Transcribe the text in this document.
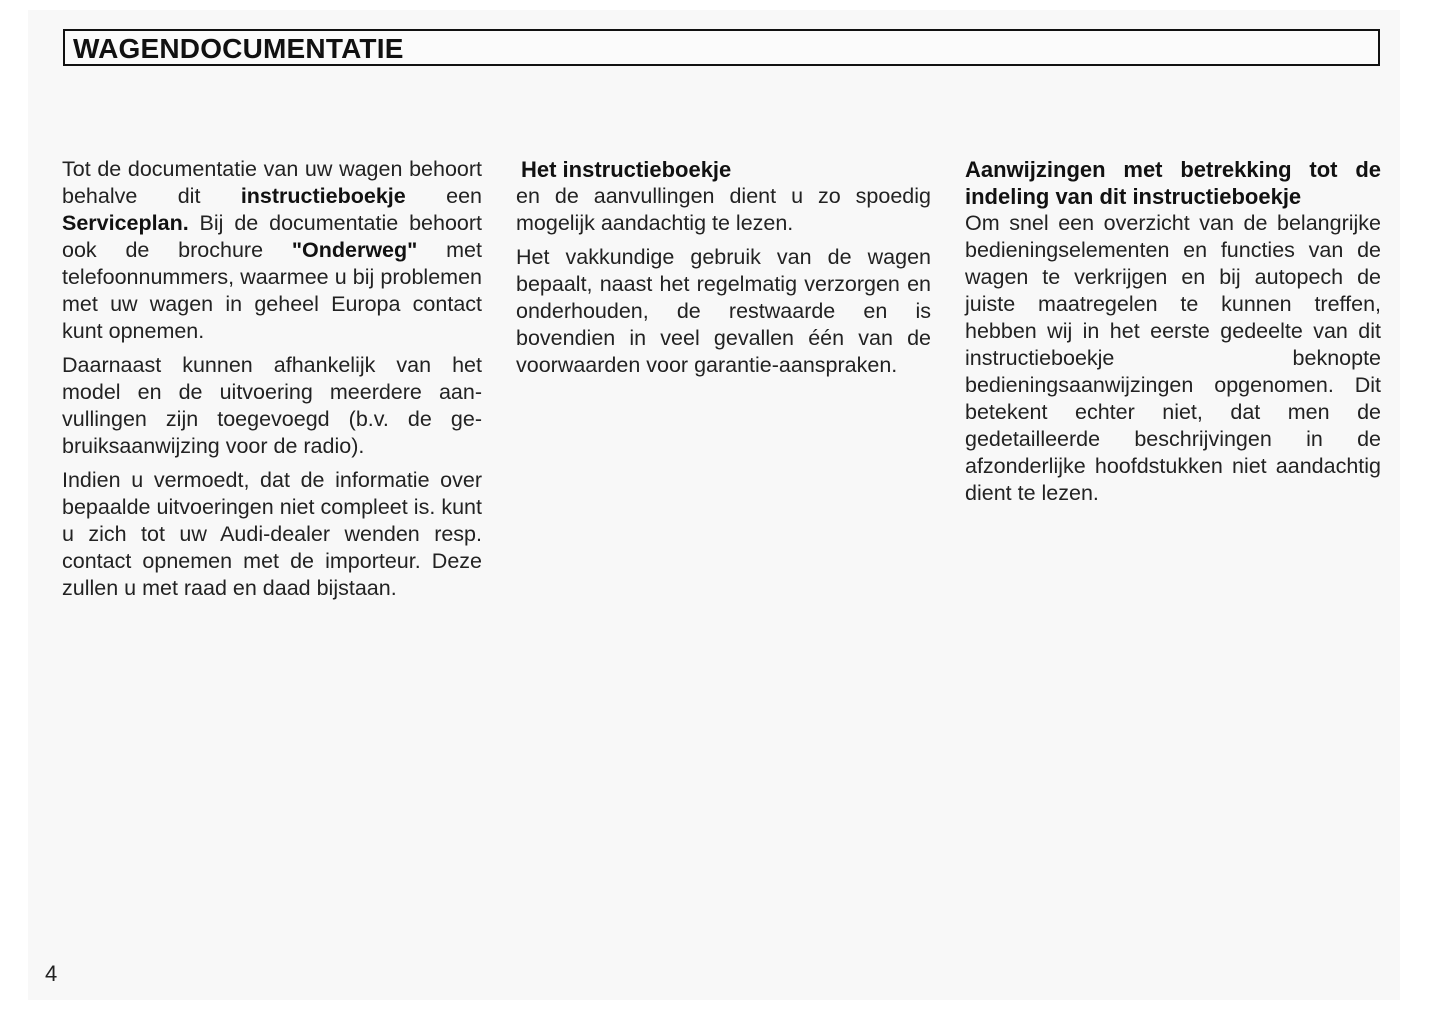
WAGENDOCUMENTATIE

Tot de documentatie van uw wagen behoort behalve dit instructieboekje een Serviceplan. Bij de documentatie behoort ook de brochure "Onderweg" met telefoonnummers, waarmee u bij problemen met uw wagen in geheel Europa contact kunt opnemen.

Daarnaast kunnen afhankelijk van het model en de uitvoering meerdere aanvullingen zijn toegevoegd (b.v. de gebruiksaanwijzing voor de radio).

Indien u vermoedt, dat de informatie over bepaalde uitvoeringen niet compleet is. kunt u zich tot uw Audi-dealer wenden resp. contact opnemen met de importeur. Deze zullen u met raad en daad bijstaan.

Het instructieboekje

en de aanvullingen dient u zo spoedig mogelijk aandachtig te lezen.

Het vakkundige gebruik van de wagen bepaalt, naast het regelmatig verzorgen en onderhouden, de restwaarde en is bovendien in veel gevallen één van de voorwaarden voor garantie-aanspraken.

Aanwijzingen met betrekking tot de indeling van dit instructieboekje

Om snel een overzicht van de belangrijke bedieningselementen en functies van de wagen te verkrijgen en bij autopech de juiste maatregelen te kunnen treffen, hebben wij in het eerste gedeelte van dit instructieboekje beknopte bedieningsaanwijzingen opgenomen. Dit betekent echter niet, dat men de gedetailleerde beschrijvingen in de afzonderlijke hoofdstukken niet aandachtig dient te lezen.

4
